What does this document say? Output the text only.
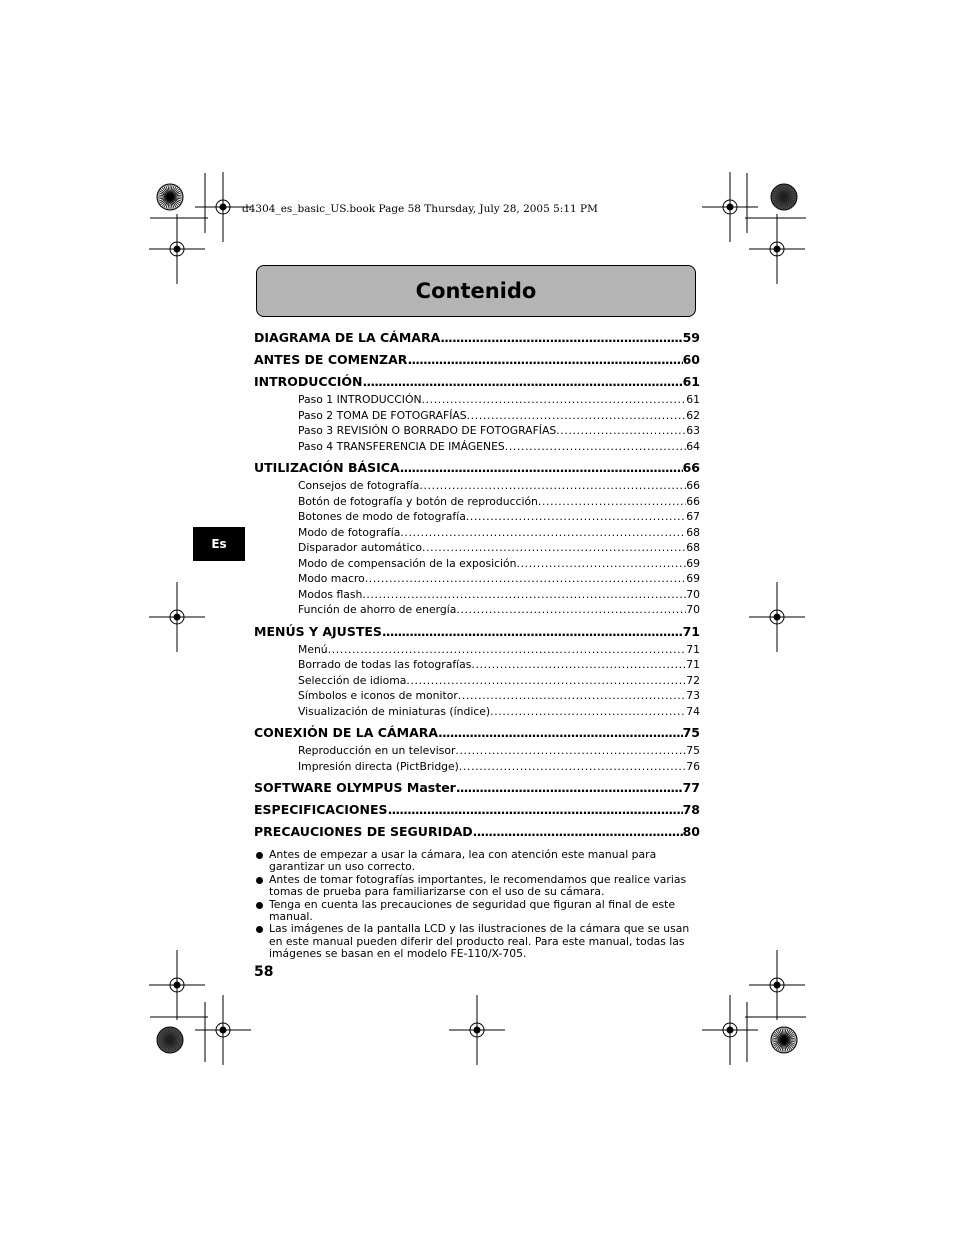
d4304_es_basic_US.book Page 58 Thursday, July 28, 2005 5:11 PM
Contenido
Es
DIAGRAMA DE LA CÁMARA . . .	59
ANTES DE COMENZAR . . .	60
INTRODUCCIÓN . . .	61
Paso 1 INTRODUCCIÓN . . .	61
Paso 2 TOMA DE FOTOGRAFÍAS . . .	62
Paso 3 REVISIÓN O BORRADO DE FOTOGRAFÍAS . . .	63
Paso 4 TRANSFERENCIA DE IMÁGENES . . .	64
UTILIZACIÓN BÁSICA . . .	66
Consejos de fotografía . . .	66
Botón de fotografía y botón de reproducción . . .	66
Botones de modo de fotografía . . .	67
Modo de fotografía . . .	68
Disparador automático . . .	68
Modo de compensación de la exposición . . .	69
Modo macro . . .	69
Modos flash . . .	70
Función de ahorro de energía . . .	70
MENÚS Y AJUSTES . . .	71
Menú . . .	71
Borrado de todas las fotografías . . .	71
Selección de idioma . . .	72
Símbolos e iconos de monitor . . .	73
Visualización de miniaturas (índice) . . .	74
CONEXIÓN DE LA CÁMARA . . .	75
Reproducción en un televisor . . .	75
Impresión directa (PictBridge) . . .	76
SOFTWARE OLYMPUS Master . . .	77
ESPECIFICACIONES . . .	78
PRECAUCIONES DE SEGURIDAD . . .	80
Antes de empezar a usar la cámara, lea con atención este manual para garantizar un uso correcto.
Antes de tomar fotografías importantes, le recomendamos que realice varias tomas de prueba para familiarizarse con el uso de su cámara.
Tenga en cuenta las precauciones de seguridad que figuran al final de este manual.
Las imágenes de la pantalla LCD y las ilustraciones de la cámara que se usan en este manual pueden diferir del producto real. Para este manual, todas las imágenes se basan en el modelo FE-110/X-705.
58
